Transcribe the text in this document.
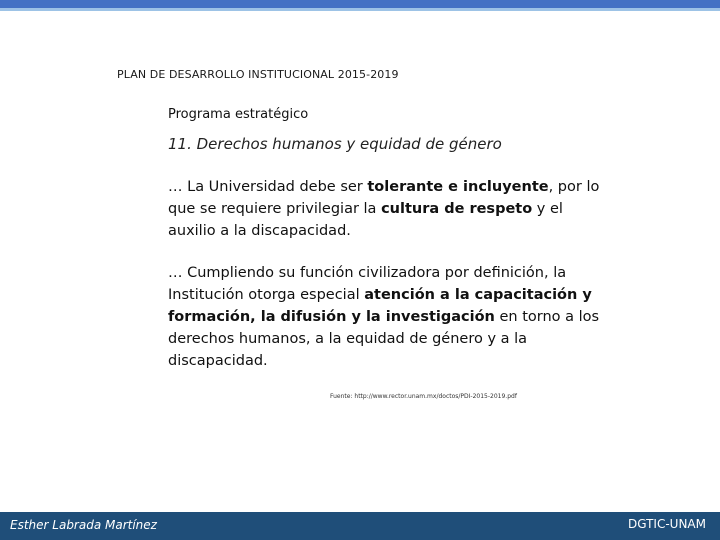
PLAN DE DESARROLLO INSTITUCIONAL 2015-2019
Programa estratégico
11. Derechos humanos y equidad de género
… La Universidad debe ser tolerante e incluyente, por lo que se requiere privilegiar la cultura de respeto y el auxilio a la discapacidad.
… Cumpliendo su función civilizadora por definición, la Institución otorga especial atención a la capacitación y formación, la difusión y la investigación en torno a los derechos humanos, a la equidad de género y a la discapacidad.
Fuente: http://www.rector.unam.mx/doctos/PDI-2015-2019.pdf
Esther Labrada Martínez	DGTIC-UNAM
